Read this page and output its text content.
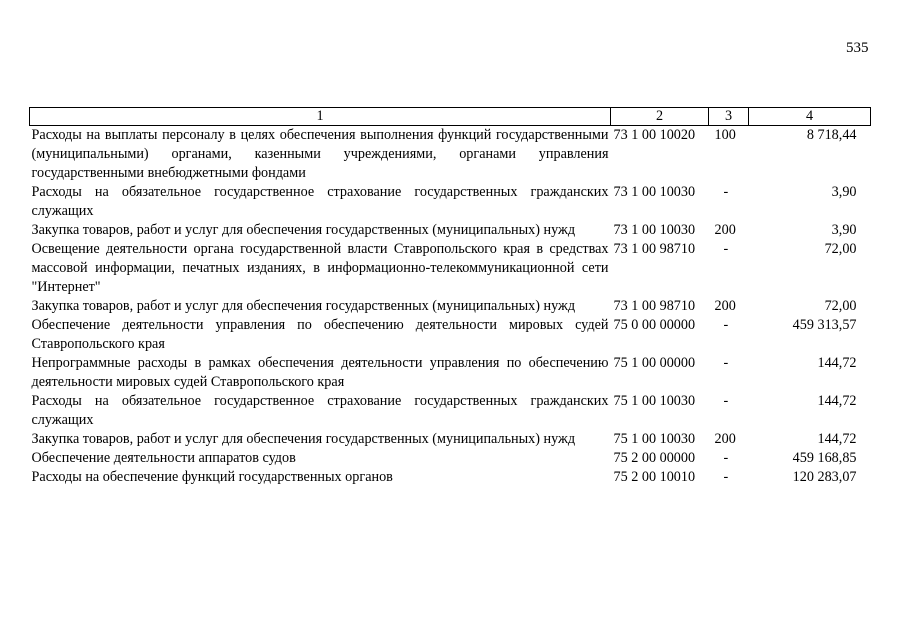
535
1	2	3	4
Расходы на выплаты персоналу в целях обеспечения выполнения функций государственными (муниципальными) органами, казенными учреждениями, органами управления государственными внебюджетными фондами	73 1 00 10020	100	8 718,44
Расходы на обязательное государственное страхование государственных гражданских служащих	73 1 00 10030	-	3,90
Закупка товаров, работ и услуг для обеспечения государственных (муниципальных) нужд	73 1 00 10030	200	3,90
Освещение деятельности органа государственной власти Ставропольского края в средствах массовой информации, печатных изданиях, в информационно-телекоммуникационной сети "Интернет"	73 1 00 98710	-	72,00
Закупка товаров, работ и услуг для обеспечения государственных (муниципальных) нужд	73 1 00 98710	200	72,00
Обеспечение деятельности управления по обеспечению деятельности мировых судей Ставропольского края	75 0 00 00000	-	459 313,57
Непрограммные расходы в рамках обеспечения деятельности управления по обеспечению деятельности мировых судей Ставропольского края	75 1 00 00000	-	144,72
Расходы на обязательное государственное страхование государственных гражданских служащих	75 1 00 10030	-	144,72
Закупка товаров, работ и услуг для обеспечения государственных (муниципальных) нужд	75 1 00 10030	200	144,72
Обеспечение деятельности аппаратов судов	75 2 00 00000	-	459 168,85
Расходы на обеспечение функций государственных органов	75 2 00 10010	-	120 283,07
